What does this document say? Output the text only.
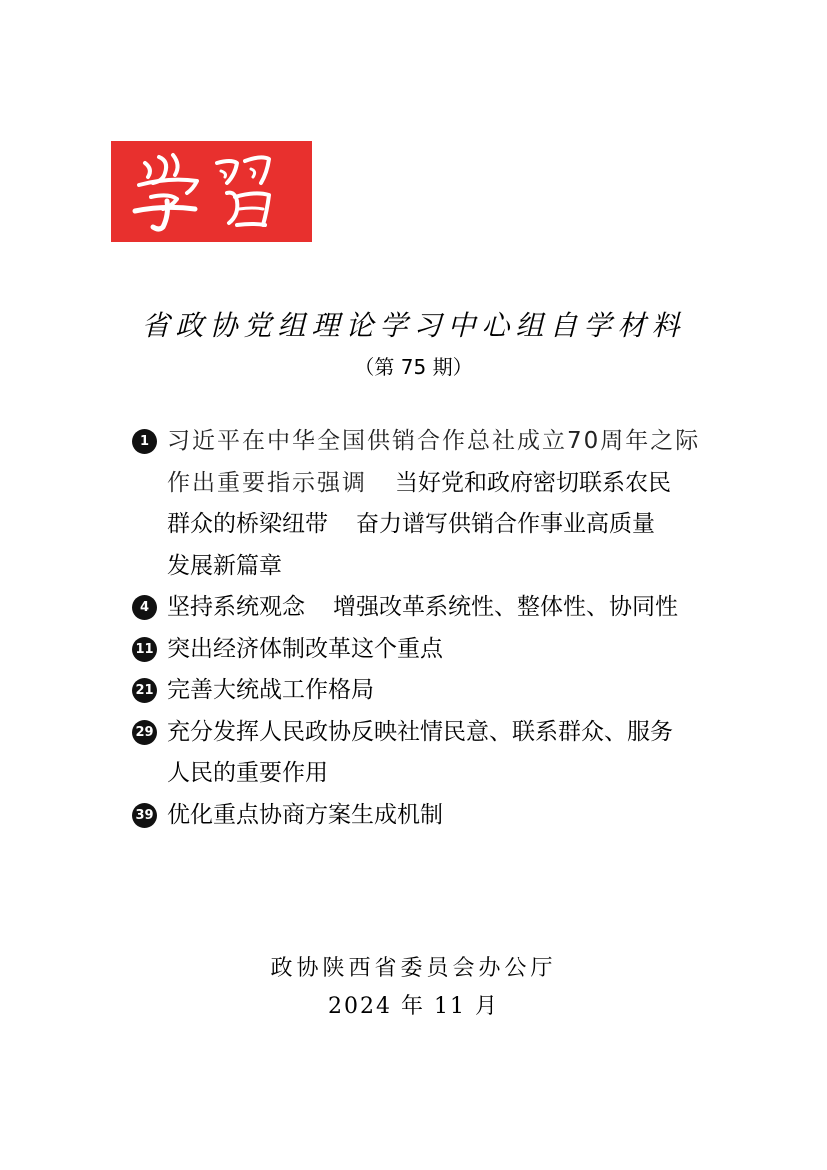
省政协党组理论学习中心组自学材料
（第 75 期）
1 习近平在中华全国供销合作总社成立70周年之际
作出重要指示强调 当好党和政府密切联系农民
群众的桥梁纽带 奋力谱写供销合作事业高质量
发展新篇章
4 坚持系统观念 增强改革系统性、整体性、协同性
11 突出经济体制改革这个重点
21 完善大统战工作格局
29 充分发挥人民政协反映社情民意、联系群众、服务
人民的重要作用
39 优化重点协商方案生成机制
政协陕西省委员会办公厅
2024 年 11 月
